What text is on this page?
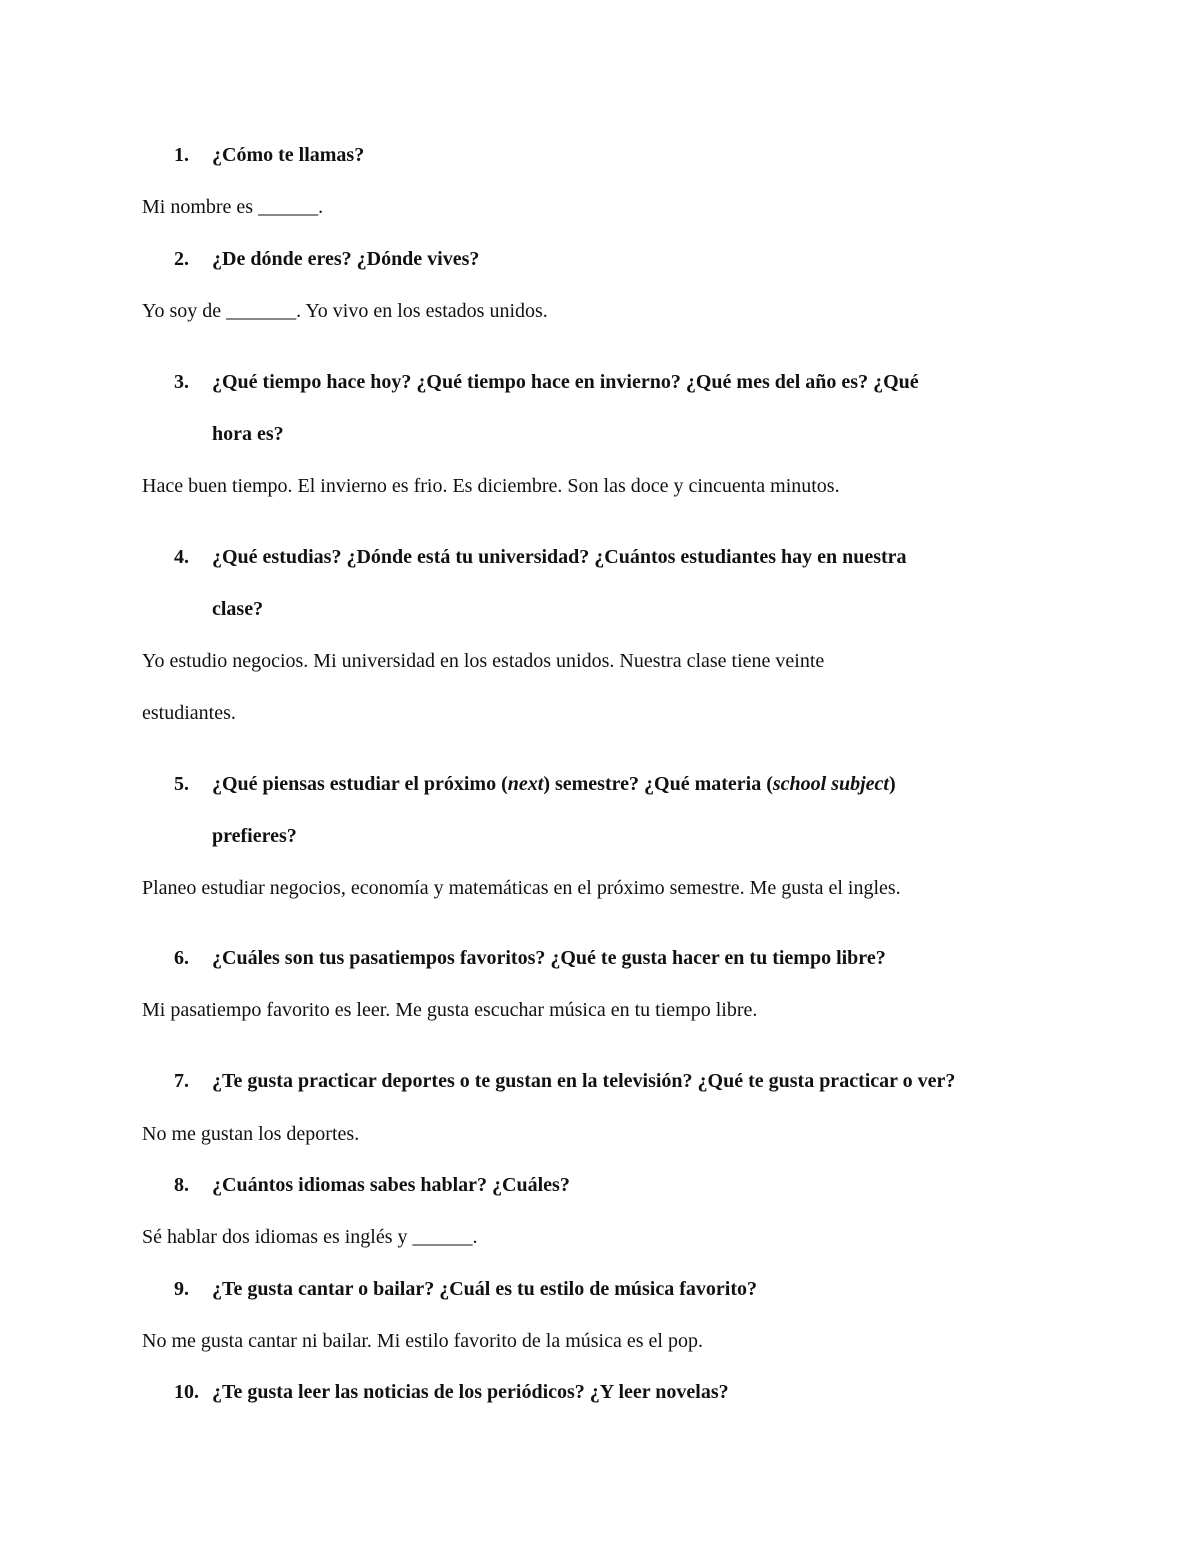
1. ¿Cómo te llamas?
Mi nombre es ______.
2. ¿De dónde eres? ¿Dónde vives?
Yo soy de _______. Yo vivo en los estados unidos.
3. ¿Qué tiempo hace hoy? ¿Qué tiempo hace en invierno? ¿Qué mes del año es? ¿Qué
hora es?
Hace buen tiempo. El invierno es frio. Es diciembre. Son las doce y cincuenta minutos.
4. ¿Qué estudias? ¿Dónde está tu universidad? ¿Cuántos estudiantes hay en nuestra
clase?
Yo estudio negocios. Mi universidad en los estados unidos. Nuestra clase tiene veinte
estudiantes.
5. ¿Qué piensas estudiar el próximo (next) semestre? ¿Qué materia (school subject)
prefieres?
Planeo estudiar negocios, economía y matemáticas en el próximo semestre. Me gusta el ingles.
6. ¿Cuáles son tus pasatiempos favoritos? ¿Qué te gusta hacer en tu tiempo libre?
Mi pasatiempo favorito es leer. Me gusta escuchar música en tu tiempo libre.
7. ¿Te gusta practicar deportes o te gustan en la televisión? ¿Qué te gusta practicar o ver?
No me gustan los deportes.
8. ¿Cuántos idiomas sabes hablar? ¿Cuáles?
Sé hablar dos idiomas es inglés y ______.
9. ¿Te gusta cantar o bailar? ¿Cuál es tu estilo de música favorito?
No me gusta cantar ni bailar. Mi estilo favorito de la música es el pop.
10. ¿Te gusta leer las noticias de los periódicos? ¿Y leer novelas?
